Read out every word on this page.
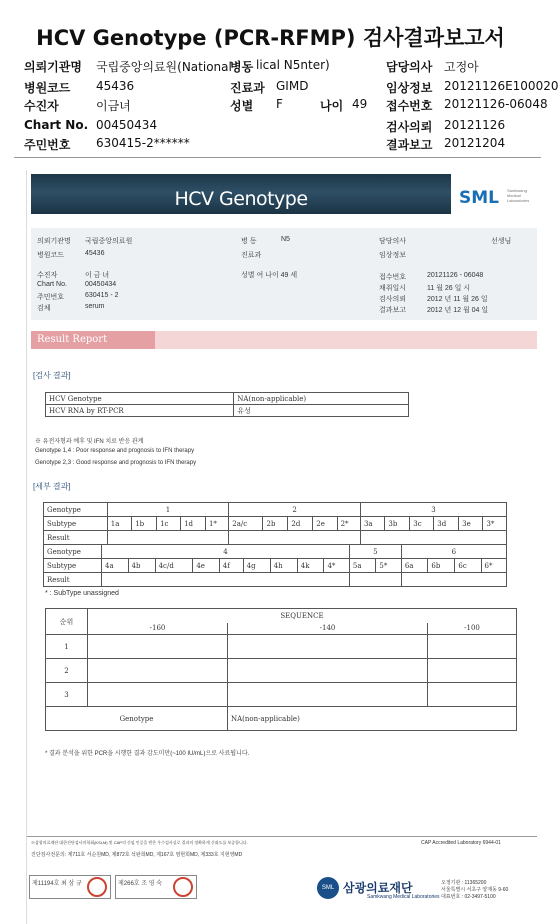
HCV Genotype (PCR-RFMP) 검사결과보고서
의뢰기관명 국립중앙의료원(National
병동 lical N5nter)	담당의사 고정아
병원코드 45436	진료과 GIMD	임상정보 20121126E100020
수진자	이금녀	성별 F	나이 49 접수번호 20121126-06048
Chart No. 00450434	검사의뢰 20121126
주민번호 630415-2******	결과보고 20121204
HCV Genotype	SML Samkwang Medical Laboratories
의뢰기관명 국립중앙의료원	병 동	N5	담당의사	선생님
병원코드	45436	진료과	임상정보
수진자	이 금 녀	성별 여 나이 49 세	접수번호	20121126 - 06048
Chart No.	00450434
채취일시	11 월 26 일 시
주민번호	630415 - 2
검사의뢰	2012 년 11 월 26 일
검체	serum
결과보고	2012 년 12 월 04 일
Result Report
[검사 결과]
HCV Genotype	NA(non-applicable)
HCV RNA by RT-PCR	유성
※ 유전자형과 예후 및 IFN 치료 반응 관계
Genotype 1,4 : Poor response and prognosis to IFN therapy
Genotype 2,3 : Good response and prognosis to IFN therapy
[세부 결과]
Genotype	1					2					3					
Subtype	1a	1b	1c	1d	1*	2a/c	2b	2d	2e	2*	3a	3b	3c	3d	3e	3*
Result																
Genotype	4									5		6			
Subtype	4a	4b	4c/d	4e	4f	4g	4h	4k	4*	5a	5*	6a	6b	6c	6*
Result															
* : SubType unassigned
순위	SEQUENCE		
	-160	-140	-100
1			
2			
3			
Genotype		NA(non-applicable)	
* 결과 분석을 위한 PCR을 시행한 결과 감도미만(~100 IU/mL)으로 사료됩니다.
※삼광의료재단 대한진단검사의학회(KSLM) 및 CAP의 신임 인증을 받은 우수검사실로 결과의 정확하게 신뢰도를 보증합니다.	CAP Accredited Laboratory 6944-01
진단검사전문의: 제711호 서순원MD, 제872호 석완희MD, 제167호 염현희MD, 제333호 지현영MD
제11194호 최 삼 규	제266호 조 영 숙
SML 삼광의료재단
Samkwang Medical Laboratories
오정기관 : 11365200
서울특별시 서초구 양재동 9-60
대표번호 : 02-3497-5100
